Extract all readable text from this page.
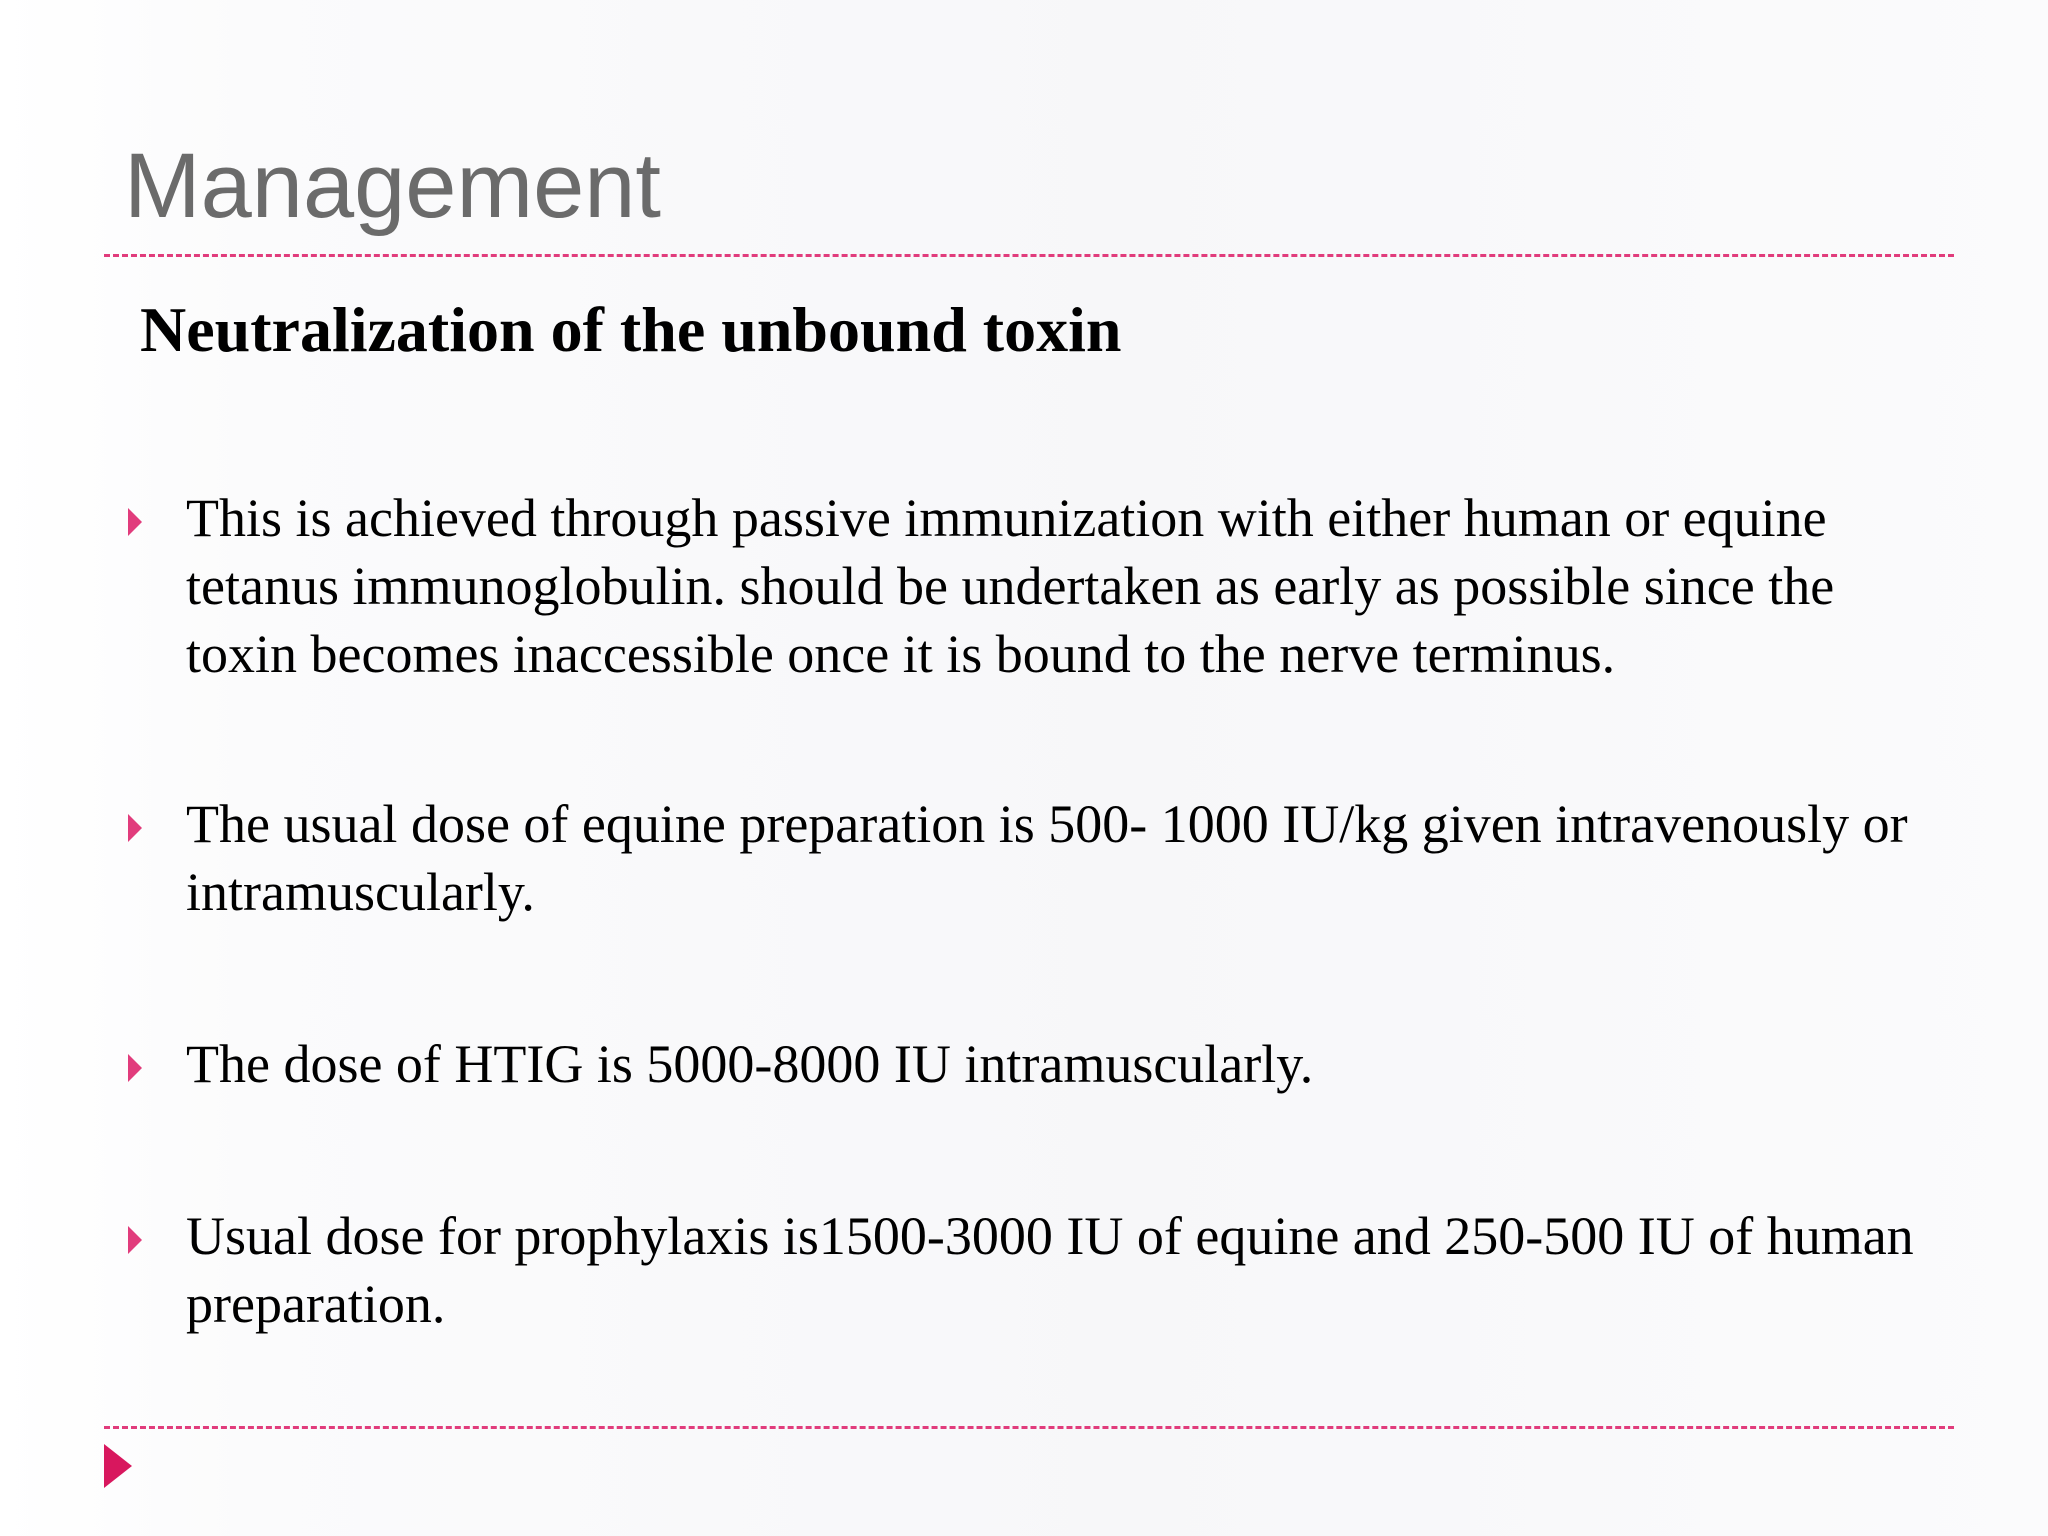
Management
Neutralization of the unbound toxin
This is achieved through passive immunization with either human or equine tetanus immunoglobulin. should be undertaken as early as possible since the toxin becomes inaccessible once it is bound to the nerve terminus.
The usual dose of equine preparation is 500- 1000 IU/kg given intravenously or intramuscularly.
The dose of HTIG is 5000-8000 IU intramuscularly.
Usual dose for prophylaxis is1500-3000 IU of equine and 250-500 IU of human preparation.
